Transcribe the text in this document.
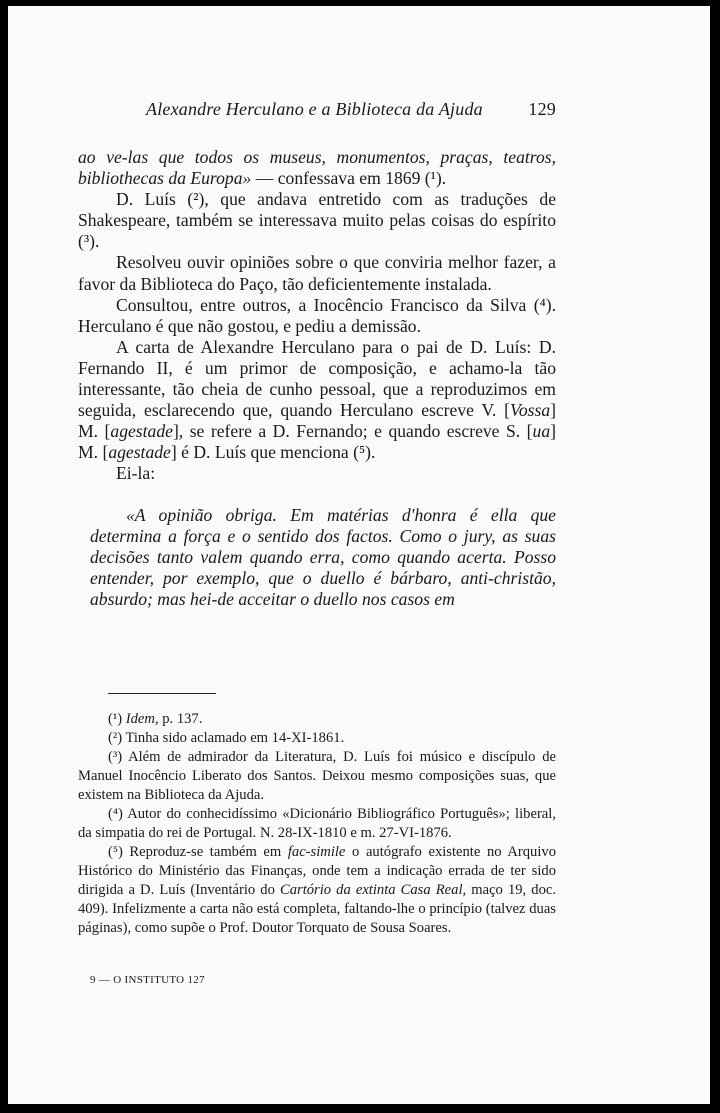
Alexandre Herculano e a Biblioteca da Ajuda	129

ao ve-las que todos os museus, monumentos, praças, teatros, bibliothecas da Europa» — confessava em 1869 (¹).

D. Luís (²), que andava entretido com as traduções de Shakespeare, também se interessava muito pelas coisas do espírito (³).

Resolveu ouvir opiniões sobre o que conviria melhor fazer, a favor da Biblioteca do Paço, tão deficientemente instalada.

Consultou, entre outros, a Inocêncio Francisco da Silva (⁴). Herculano é que não gostou, e pediu a demissão.

A carta de Alexandre Herculano para o pai de D. Luís: D. Fernando II, é um primor de composição, e achamo-la tão interessante, tão cheia de cunho pessoal, que a reproduzimos em seguida, esclarecendo que, quando Herculano escreve V. [Vossa] M. [agestade], se refere a D. Fernando; e quando escreve S. [ua] M. [agestade] é D. Luís que menciona (⁵).

Ei-la:

«A opinião obriga. Em matérias d'honra é ella que determina a força e o sentido dos factos. Como o jury, as suas decisões tanto valem quando erra, como quando acerta. Posso entender, por exemplo, que o duello é bárbaro, anti-christão, absurdo; mas hei-de acceitar o duello nos casos em

(¹) Idem, p. 137.

(²) Tinha sido aclamado em 14-XI-1861.

(³) Além de admirador da Literatura, D. Luís foi músico e discípulo de Manuel Inocêncio Liberato dos Santos. Deixou mesmo composições suas, que existem na Biblioteca da Ajuda.

(⁴) Autor do conhecidíssimo «Dicionário Bibliográfico Português»; liberal, da simpatia do rei de Portugal. N. 28-IX-1810 e m. 27-VI-1876.

(⁵) Reproduz-se também em fac-simile o autógrafo existente no Arquivo Histórico do Ministério das Finanças, onde tem a indicação errada de ter sido dirigida a D. Luís (Inventário do Cartório da extinta Casa Real, maço 19, doc. 409). Infelizmente a carta não está completa, faltando-lhe o princípio (talvez duas páginas), como supõe o Prof. Doutor Torquato de Sousa Soares.

9 — O INSTITUTO 127
